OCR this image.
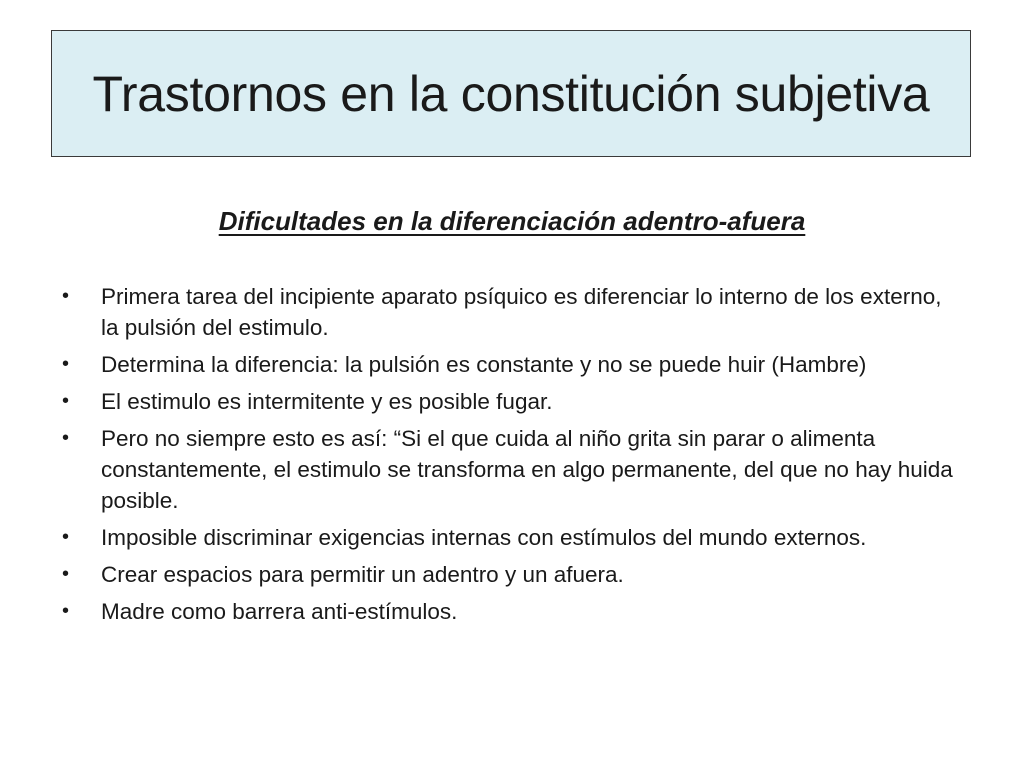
Trastornos en la constitución subjetiva
Dificultades en la diferenciación adentro-afuera
•	Primera tarea del incipiente aparato psíquico es diferenciar lo interno de los externo, la pulsión del estimulo.
•	Determina la diferencia: la pulsión es constante y no se puede huir (Hambre)
•	El estimulo es intermitente y es posible fugar.
•	Pero no siempre esto es así: “Si el que cuida al niño grita sin parar o alimenta constantemente, el estimulo se transforma en algo permanente, del que no hay huida posible.
•	Imposible discriminar exigencias internas con estímulos del mundo externos.
•	Crear espacios para permitir un adentro y un afuera.
•	Madre como barrera anti-estímulos.
